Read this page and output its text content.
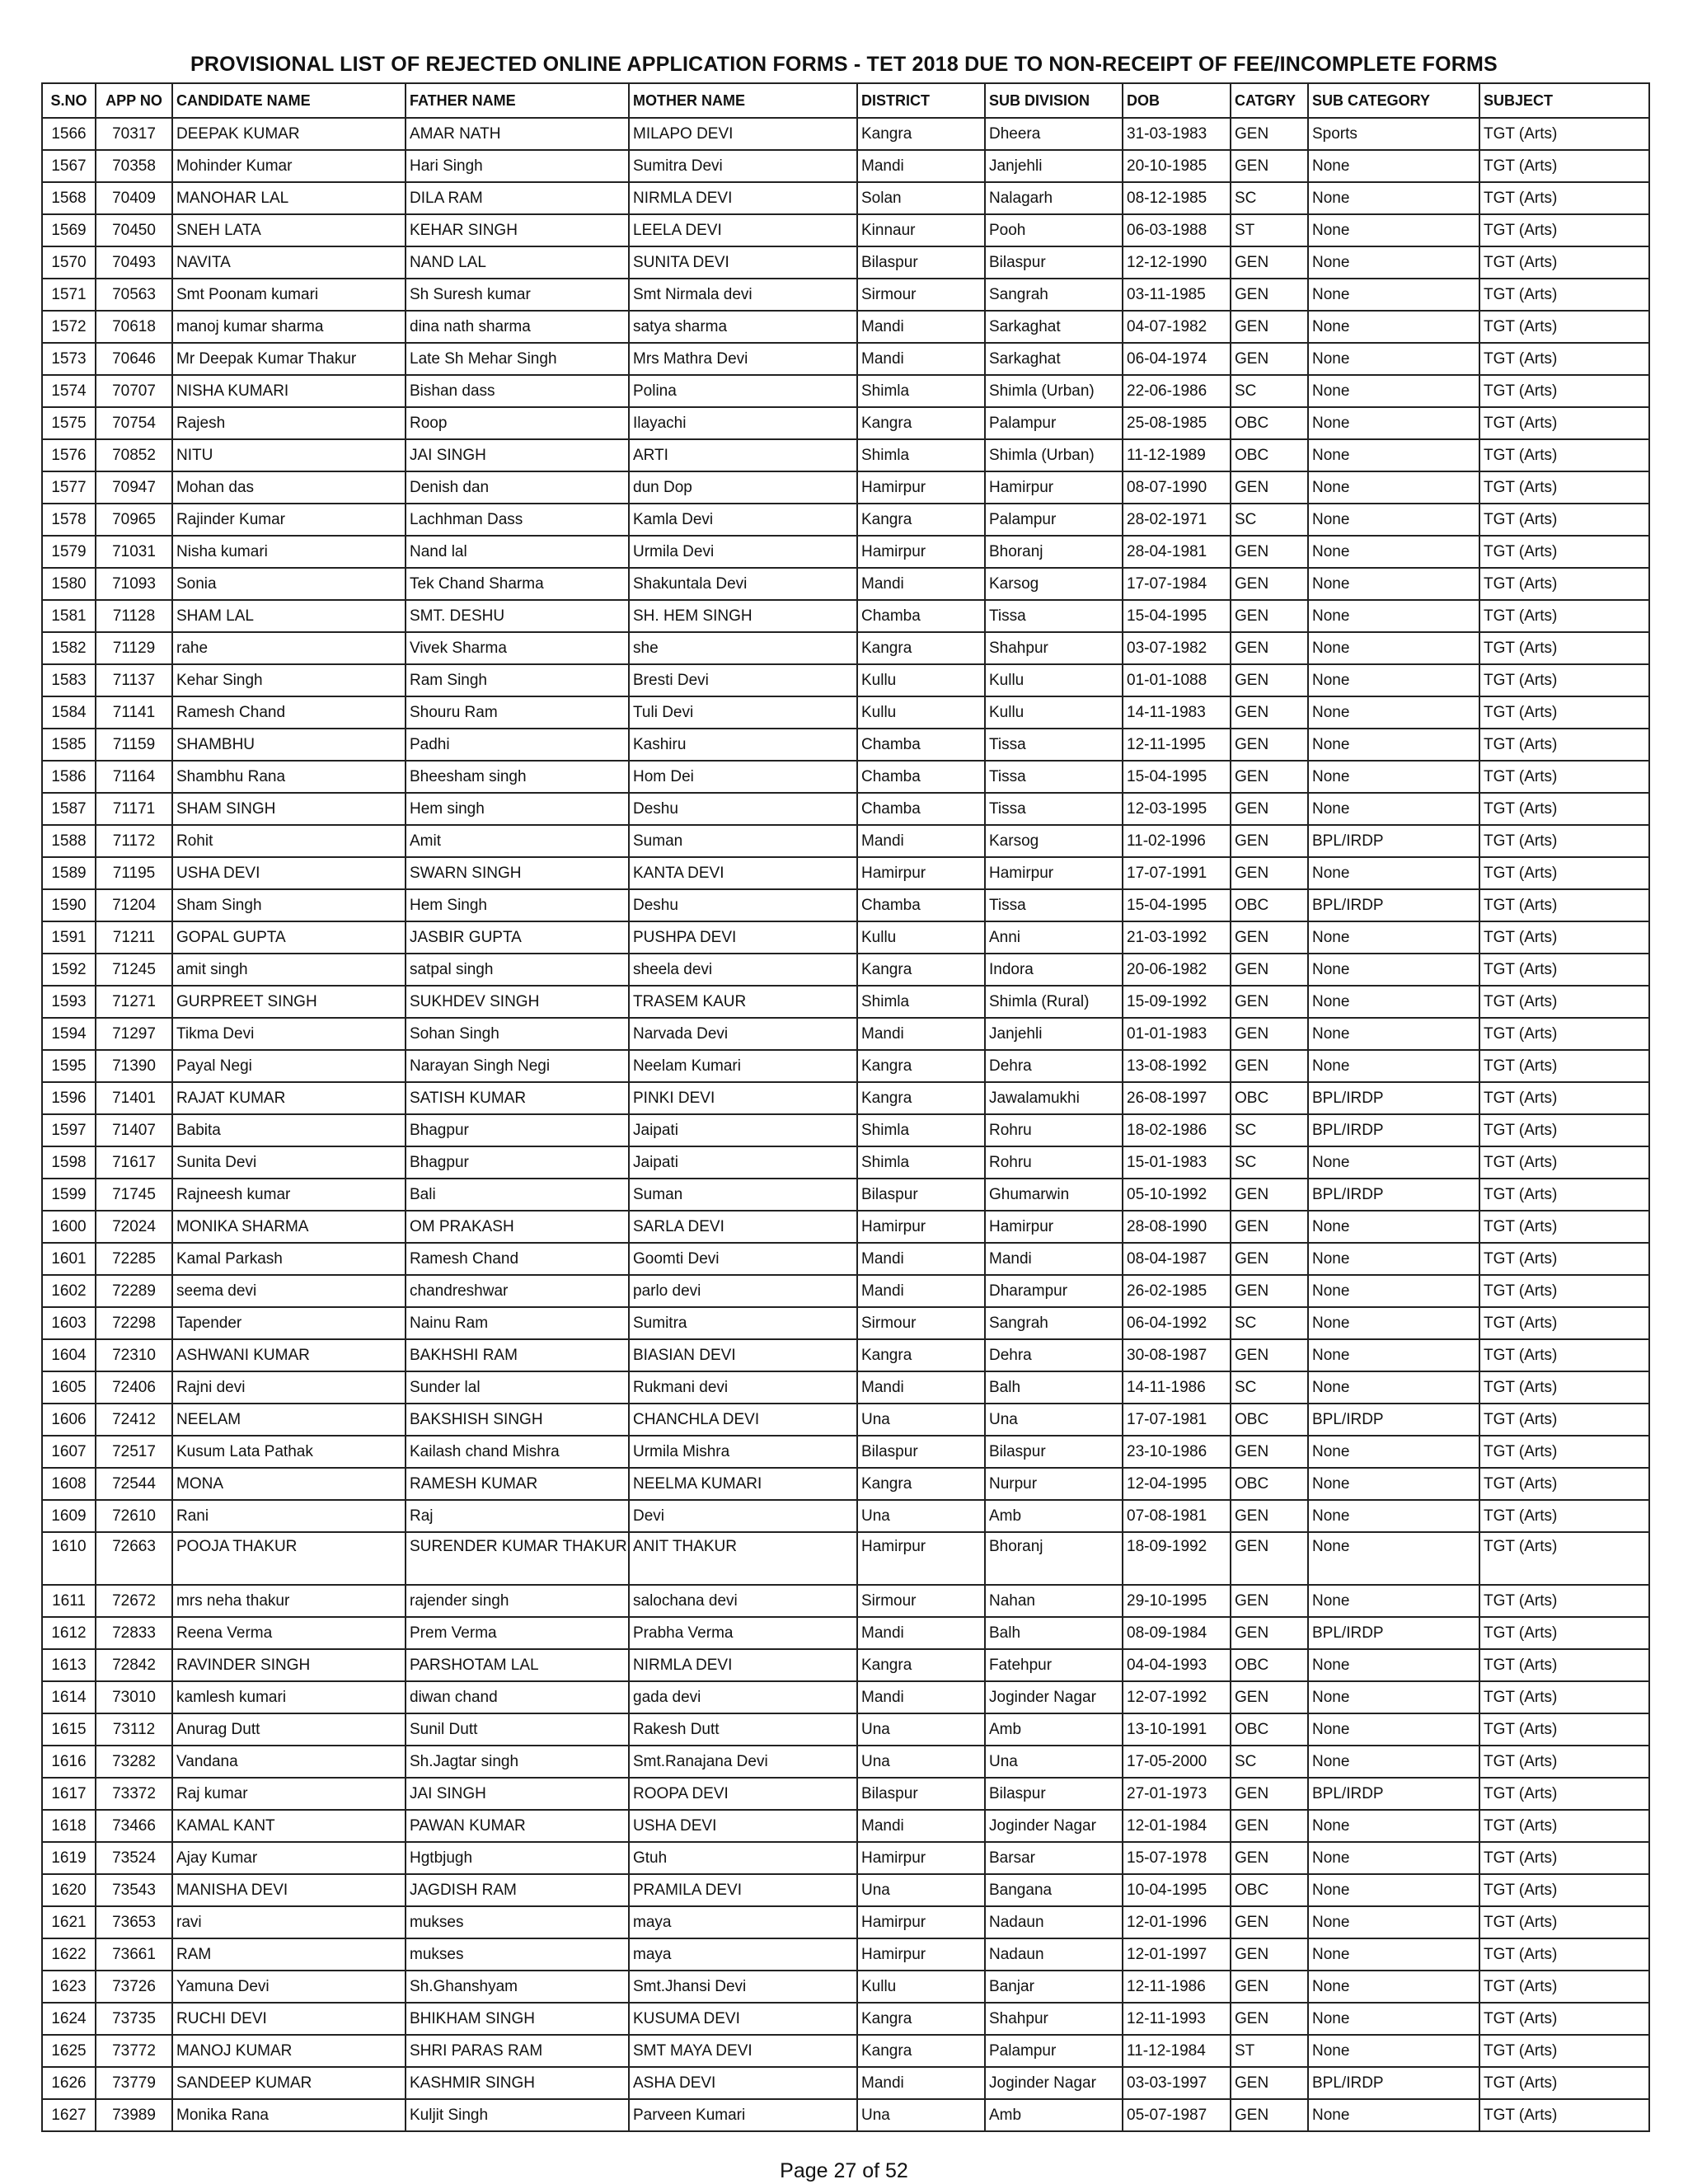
PROVISIONAL LIST OF REJECTED ONLINE APPLICATION FORMS - TET 2018 DUE TO NON-RECEIPT OF FEE/INCOMPLETE FORMS
S.NO	APP NO	CANDIDATE NAME	FATHER NAME	MOTHER NAME	DISTRICT	SUB DIVISION	DOB	CATGRY	SUB CATEGORY	SUBJECT
1566	70317	DEEPAK KUMAR	AMAR NATH	MILAPO DEVI	Kangra	Dheera	31-03-1983	GEN	Sports	TGT (Arts)
1567	70358	Mohinder Kumar	Hari Singh	Sumitra Devi	Mandi	Janjehli	20-10-1985	GEN	None	TGT (Arts)
1568	70409	MANOHAR LAL	DILA RAM	NIRMLA DEVI	Solan	Nalagarh	08-12-1985	SC	None	TGT (Arts)
1569	70450	SNEH LATA	KEHAR SINGH	LEELA DEVI	Kinnaur	Pooh	06-03-1988	ST	None	TGT (Arts)
1570	70493	NAVITA	NAND LAL	SUNITA DEVI	Bilaspur	Bilaspur	12-12-1990	GEN	None	TGT (Arts)
1571	70563	Smt Poonam kumari	Sh Suresh kumar	Smt Nirmala devi	Sirmour	Sangrah	03-11-1985	GEN	None	TGT (Arts)
1572	70618	manoj kumar sharma	dina nath sharma	satya sharma	Mandi	Sarkaghat	04-07-1982	GEN	None	TGT (Arts)
1573	70646	Mr Deepak Kumar Thakur	Late Sh Mehar Singh	Mrs Mathra Devi	Mandi	Sarkaghat	06-04-1974	GEN	None	TGT (Arts)
1574	70707	NISHA KUMARI	Bishan dass	Polina	Shimla	Shimla (Urban)	22-06-1986	SC	None	TGT (Arts)
1575	70754	Rajesh	Roop	Ilayachi	Kangra	Palampur	25-08-1985	OBC	None	TGT (Arts)
1576	70852	NITU	JAI SINGH	ARTI	Shimla	Shimla (Urban)	11-12-1989	OBC	None	TGT (Arts)
1577	70947	Mohan das	Denish dan	dun Dop	Hamirpur	Hamirpur	08-07-1990	GEN	None	TGT (Arts)
1578	70965	Rajinder Kumar	Lachhman Dass	Kamla Devi	Kangra	Palampur	28-02-1971	SC	None	TGT (Arts)
1579	71031	Nisha kumari	Nand lal	Urmila Devi	Hamirpur	Bhoranj	28-04-1981	GEN	None	TGT (Arts)
1580	71093	Sonia	Tek Chand Sharma	Shakuntala Devi	Mandi	Karsog	17-07-1984	GEN	None	TGT (Arts)
1581	71128	SHAM LAL	SMT. DESHU	SH. HEM SINGH	Chamba	Tissa	15-04-1995	GEN	None	TGT (Arts)
1582	71129	rahe	Vivek Sharma	she	Kangra	Shahpur	03-07-1982	GEN	None	TGT (Arts)
1583	71137	Kehar Singh	Ram Singh	Bresti Devi	Kullu	Kullu	01-01-1088	GEN	None	TGT (Arts)
1584	71141	Ramesh Chand	Shouru Ram	Tuli Devi	Kullu	Kullu	14-11-1983	GEN	None	TGT (Arts)
1585	71159	SHAMBHU	Padhi	Kashiru	Chamba	Tissa	12-11-1995	GEN	None	TGT (Arts)
1586	71164	Shambhu Rana	Bheesham singh	Hom Dei	Chamba	Tissa	15-04-1995	GEN	None	TGT (Arts)
1587	71171	SHAM SINGH	Hem singh	Deshu	Chamba	Tissa	12-03-1995	GEN	None	TGT (Arts)
1588	71172	Rohit	Amit	Suman	Mandi	Karsog	11-02-1996	GEN	BPL/IRDP	TGT (Arts)
1589	71195	USHA DEVI	SWARN SINGH	KANTA DEVI	Hamirpur	Hamirpur	17-07-1991	GEN	None	TGT (Arts)
1590	71204	Sham Singh	Hem Singh	Deshu	Chamba	Tissa	15-04-1995	OBC	BPL/IRDP	TGT (Arts)
1591	71211	GOPAL GUPTA	JASBIR GUPTA	PUSHPA DEVI	Kullu	Anni	21-03-1992	GEN	None	TGT (Arts)
1592	71245	amit singh	satpal singh	sheela devi	Kangra	Indora	20-06-1982	GEN	None	TGT (Arts)
1593	71271	GURPREET SINGH	SUKHDEV SINGH	TRASEM KAUR	Shimla	Shimla (Rural)	15-09-1992	GEN	None	TGT (Arts)
1594	71297	Tikma Devi	Sohan Singh	Narvada Devi	Mandi	Janjehli	01-01-1983	GEN	None	TGT (Arts)
1595	71390	Payal Negi	Narayan Singh Negi	Neelam Kumari	Kangra	Dehra	13-08-1992	GEN	None	TGT (Arts)
1596	71401	RAJAT KUMAR	SATISH KUMAR	PINKI DEVI	Kangra	Jawalamukhi	26-08-1997	OBC	BPL/IRDP	TGT (Arts)
1597	71407	Babita	Bhagpur	Jaipati	Shimla	Rohru	18-02-1986	SC	BPL/IRDP	TGT (Arts)
1598	71617	Sunita Devi	Bhagpur	Jaipati	Shimla	Rohru	15-01-1983	SC	None	TGT (Arts)
1599	71745	Rajneesh kumar	Bali	Suman	Bilaspur	Ghumarwin	05-10-1992	GEN	BPL/IRDP	TGT (Arts)
1600	72024	MONIKA SHARMA	OM PRAKASH	SARLA DEVI	Hamirpur	Hamirpur	28-08-1990	GEN	None	TGT (Arts)
1601	72285	Kamal Parkash	Ramesh Chand	Goomti Devi	Mandi	Mandi	08-04-1987	GEN	None	TGT (Arts)
1602	72289	seema devi	chandreshwar	parlo devi	Mandi	Dharampur	26-02-1985	GEN	None	TGT (Arts)
1603	72298	Tapender	Nainu Ram	Sumitra	Sirmour	Sangrah	06-04-1992	SC	None	TGT (Arts)
1604	72310	ASHWANI KUMAR	BAKHSHI RAM	BIASIAN DEVI	Kangra	Dehra	30-08-1987	GEN	None	TGT (Arts)
1605	72406	Rajni devi	Sunder lal	Rukmani devi	Mandi	Balh	14-11-1986	SC	None	TGT (Arts)
1606	72412	NEELAM	BAKSHISH SINGH	CHANCHLA DEVI	Una	Una	17-07-1981	OBC	BPL/IRDP	TGT (Arts)
1607	72517	Kusum Lata Pathak	Kailash chand Mishra	Urmila Mishra	Bilaspur	Bilaspur	23-10-1986	GEN	None	TGT (Arts)
1608	72544	MONA	RAMESH KUMAR	NEELMA KUMARI	Kangra	Nurpur	12-04-1995	OBC	None	TGT (Arts)
1609	72610	Rani	Raj	Devi	Una	Amb	07-08-1981	GEN	None	TGT (Arts)
1610	72663	POOJA THAKUR	SURENDER KUMAR THAKUR	ANIT THAKUR	Hamirpur	Bhoranj	18-09-1992	GEN	None	TGT (Arts)
1611	72672	mrs neha thakur	rajender singh	salochana devi	Sirmour	Nahan	29-10-1995	GEN	None	TGT (Arts)
1612	72833	Reena Verma	Prem Verma	Prabha Verma	Mandi	Balh	08-09-1984	GEN	BPL/IRDP	TGT (Arts)
1613	72842	RAVINDER SINGH	PARSHOTAM LAL	NIRMLA DEVI	Kangra	Fatehpur	04-04-1993	OBC	None	TGT (Arts)
1614	73010	kamlesh kumari	diwan chand	gada devi	Mandi	Joginder Nagar	12-07-1992	GEN	None	TGT (Arts)
1615	73112	Anurag Dutt	Sunil Dutt	Rakesh Dutt	Una	Amb	13-10-1991	OBC	None	TGT (Arts)
1616	73282	Vandana	Sh.Jagtar singh	Smt.Ranajana Devi	Una	Una	17-05-2000	SC	None	TGT (Arts)
1617	73372	Raj kumar	JAI SINGH	ROOPA DEVI	Bilaspur	Bilaspur	27-01-1973	GEN	BPL/IRDP	TGT (Arts)
1618	73466	KAMAL KANT	PAWAN KUMAR	USHA DEVI	Mandi	Joginder Nagar	12-01-1984	GEN	None	TGT (Arts)
1619	73524	Ajay Kumar	Hgtbjugh	Gtuh	Hamirpur	Barsar	15-07-1978	GEN	None	TGT (Arts)
1620	73543	MANISHA DEVI	JAGDISH RAM	PRAMILA DEVI	Una	Bangana	10-04-1995	OBC	None	TGT (Arts)
1621	73653	ravi	mukses	maya	Hamirpur	Nadaun	12-01-1996	GEN	None	TGT (Arts)
1622	73661	RAM	mukses	maya	Hamirpur	Nadaun	12-01-1997	GEN	None	TGT (Arts)
1623	73726	Yamuna Devi	Sh.Ghanshyam	Smt.Jhansi Devi	Kullu	Banjar	12-11-1986	GEN	None	TGT (Arts)
1624	73735	RUCHI DEVI	BHIKHAM SINGH	KUSUMA DEVI	Kangra	Shahpur	12-11-1993	GEN	None	TGT (Arts)
1625	73772	MANOJ KUMAR	SHRI PARAS RAM	SMT MAYA DEVI	Kangra	Palampur	11-12-1984	ST	None	TGT (Arts)
1626	73779	SANDEEP KUMAR	KASHMIR SINGH	ASHA DEVI	Mandi	Joginder Nagar	03-03-1997	GEN	BPL/IRDP	TGT (Arts)
1627	73989	Monika Rana	Kuljit Singh	Parveen Kumari	Una	Amb	05-07-1987	GEN	None	TGT (Arts)
Page 27 of 52
